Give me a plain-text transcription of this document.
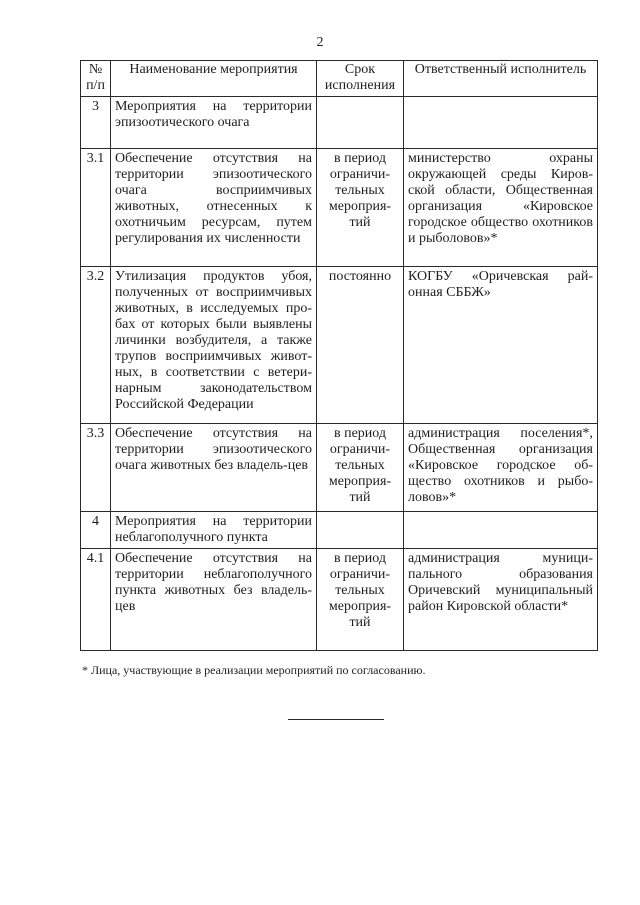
2
№ п/п	Наименование мероприятия	Срок исполнения	Ответственный исполнитель
3	Мероприятия на территории эпизоотического очага		
3.1	Обеспечение отсутствия на территории эпизоотического очага восприимчивых животных, отнесенных к охотничьим ресурсам, путем регулирования их численности	в период ограничи-тельных мероприя-тий	министерство охраны окружающей среды Киров-ской области, Общественная организация «Кировское городское общество охотников и рыболовов»*
3.2	Утилизация продуктов убоя, полученных от восприимчивых животных, в исследуемых про-бах от которых были выявлены личинки возбудителя, а также трупов восприимчивых живот-ных, в соответствии с ветери-нарным законодательством Российской Федерации	постоянно	КОГБУ «Оричевская рай-онная СББЖ»
3.3	Обеспечение отсутствия на территории эпизоотического очага животных без владель-цев	в период ограничи-тельных мероприя-тий	администрация поселения*, Общественная организация «Кировское городское об-щество охотников и рыбо-ловов»*
4	Мероприятия на территории неблагополучного пункта		
4.1	Обеспечение отсутствия на территории неблагополучного пункта животных без владель-цев	в период ограничи-тельных мероприя-тий	администрация муници-пального образования Оричевский муниципальный район Кировской области*
* Лица, участвующие в реализации мероприятий по согласованию.
